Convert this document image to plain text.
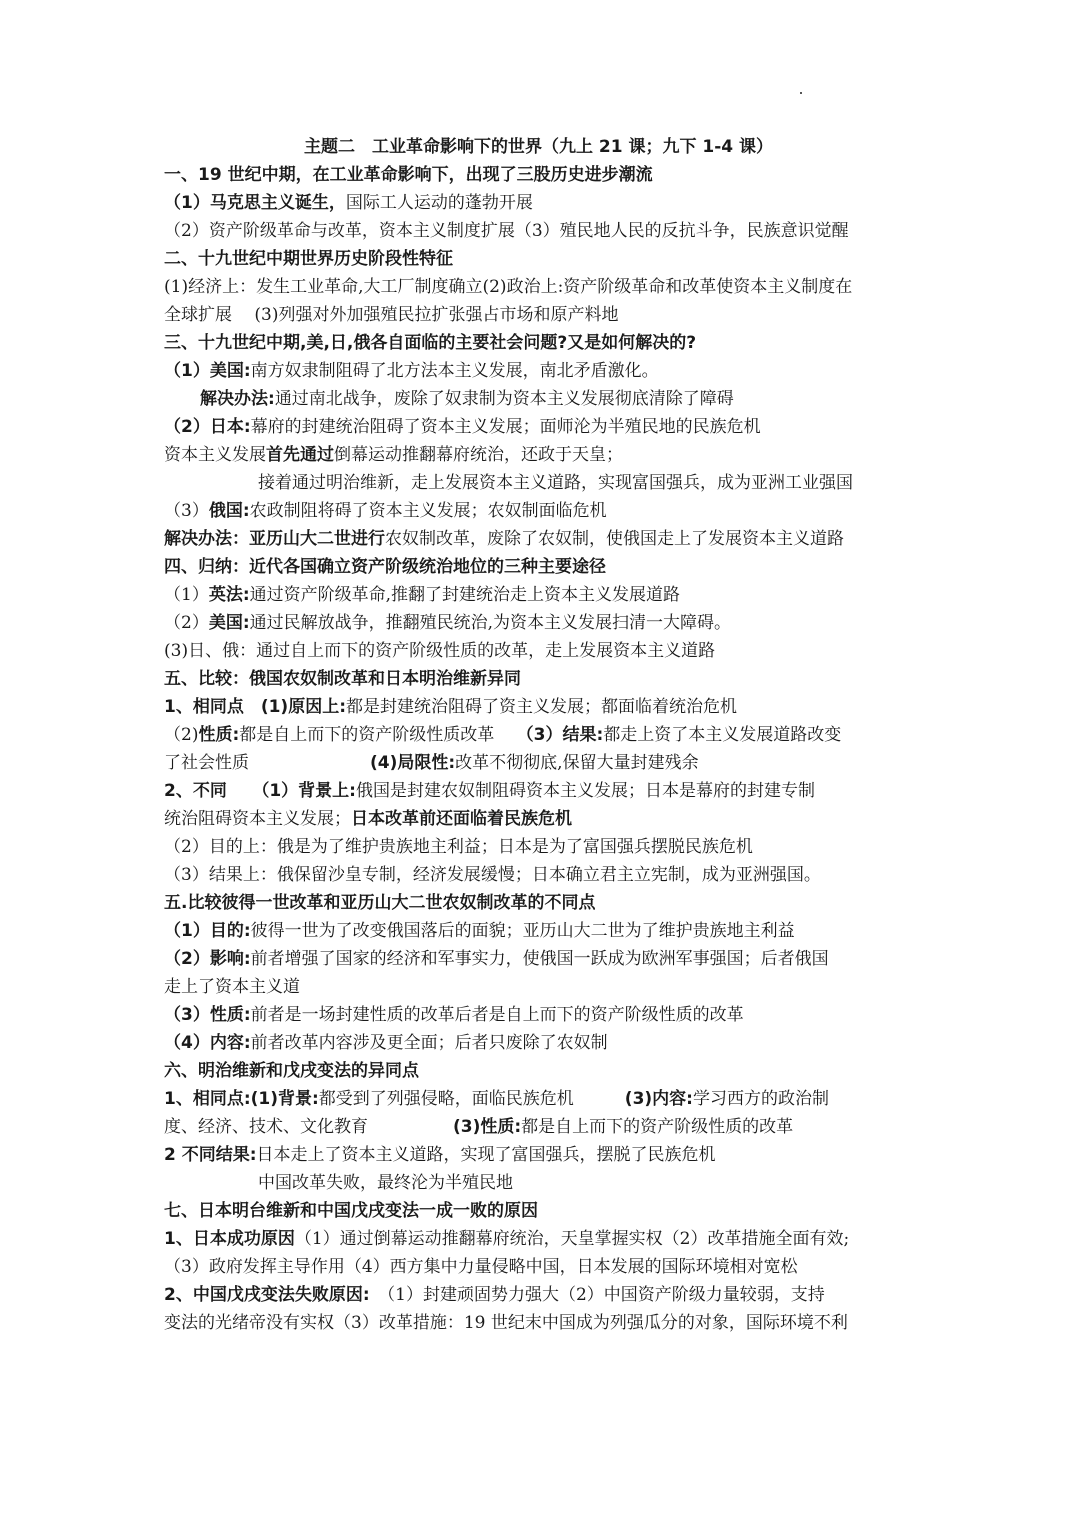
主题二　工业革命影响下的世界（九上 21 课；九下 1-4 课）
一、19 世纪中期，在工业革命影响下，出现了三股历史进步潮流
（1）马克思主义诞生，国际工人运动的蓬勃开展
（2）资产阶级革命与改革，资本主义制度扩展（3）殖民地人民的反抗斗争，民族意识觉醒
二、十九世纪中期世界历史阶段性特征
(1)经济上：发生工业革命,大工厂制度确立(2)政治上:资产阶级革命和改革使资本主义制度在
全球扩展　 (3)列强对外加强殖民拉扩张强占市场和原产料地
三、十九世纪中期,美,日,俄各自面临的主要社会问题?又是如何解决的?
（1）美国:南方奴隶制阻碍了北方法本主义发展，南北矛盾激化。
解决办法:通过南北战争，废除了奴隶制为资本主义发展彻底清除了障碍
（2）日本:幕府的封建统治阻碍了资本主义发展；面师沦为半殖民地的民族危机
资本主义发展首先通过倒幕运动推翻幕府统治，还政于天皇；
接着通过明治维新，走上发展资本主义道路，实现富国强兵，成为亚洲工业强国
（3）俄国:农政制阻将碍了资本主义发展；农奴制面临危机
解决办法：亚历山大二世进行农奴制改革，废除了农奴制，使俄国走上了发展资本主义道路
四、归纳：近代各国确立资产阶级统治地位的三种主要途径
（1）英法:通过资产阶级革命,推翻了封建统治走上资本主义发展道路
（2）美国:通过民解放战争，推翻殖民统治,为资本主义发展扫清一大障碍。
(3)日、俄：通过自上而下的资产阶级性质的改革，走上发展资本主义道路
五、比较：俄国农奴制改革和日本明治维新异同
1、相同点　(1)原因上:都是封建统治阻碍了资主义发展；都面临着统治危机
（2)性质:都是自上而下的资产阶级性质改革　 （3）结果:都走上资了本主义发展道路改变
了社会性质	(4)局限性:改革不彻彻底,保留大量封建残余
2、不同　　（1）背景上:俄国是封建农奴制阻碍资本主义发展；日本是幕府的封建专制
统治阻碍资本主义发展；日本改革前还面临着民族危机
（2）目的上：俄是为了维护贵族地主利益；日本是为了富国强兵摆脱民族危机
（3）结果上：俄保留沙皇专制，经济发展缓慢；日本确立君主立宪制，成为亚洲强国。
五.比较彼得一世改革和亚历山大二世农奴制改革的不同点
（1）目的:彼得一世为了改变俄国落后的面貌；亚历山大二世为了维护贵族地主利益
（2）影响:前者增强了国家的经济和军事实力，使俄国一跃成为欧洲军事强国；后者俄国
走上了资本主义道
（3）性质:前者是一场封建性质的改革后者是自上而下的资产阶级性质的改革
（4）内容:前者改革内容涉及更全面；后者只废除了农奴制
六、明治维新和戊戌变法的异同点
1、相同点:(1)背景:都受到了列强侵略，面临民族危机　　　(3)内容:学习西方的政治制
度、经济、技术、文化教育　　　　　(3)性质:都是自上而下的资产阶级性质的改革
2 不同结果:日本走上了资本主义道路，实现了富国强兵，摆脱了民族危机
中国改革失败，最终沦为半殖民地
七、日本明台维新和中国戊戌变法一成一败的原因
1、日本成功原因（1）通过倒幕运动推翻幕府统治，天皇掌握实权（2）改革措施全面有效;
（3）政府发挥主导作用（4）西方集中力量侵略中国，日本发展的国际环境相对宽松
2、中国戊戌变法失败原因:　（1）封建顽固势力强大（2）中国资产阶级力量较弱，支持
变法的光绪帝没有实权（3）改革措施：19 世纪末中国成为列强瓜分的对象，国际环境不利
